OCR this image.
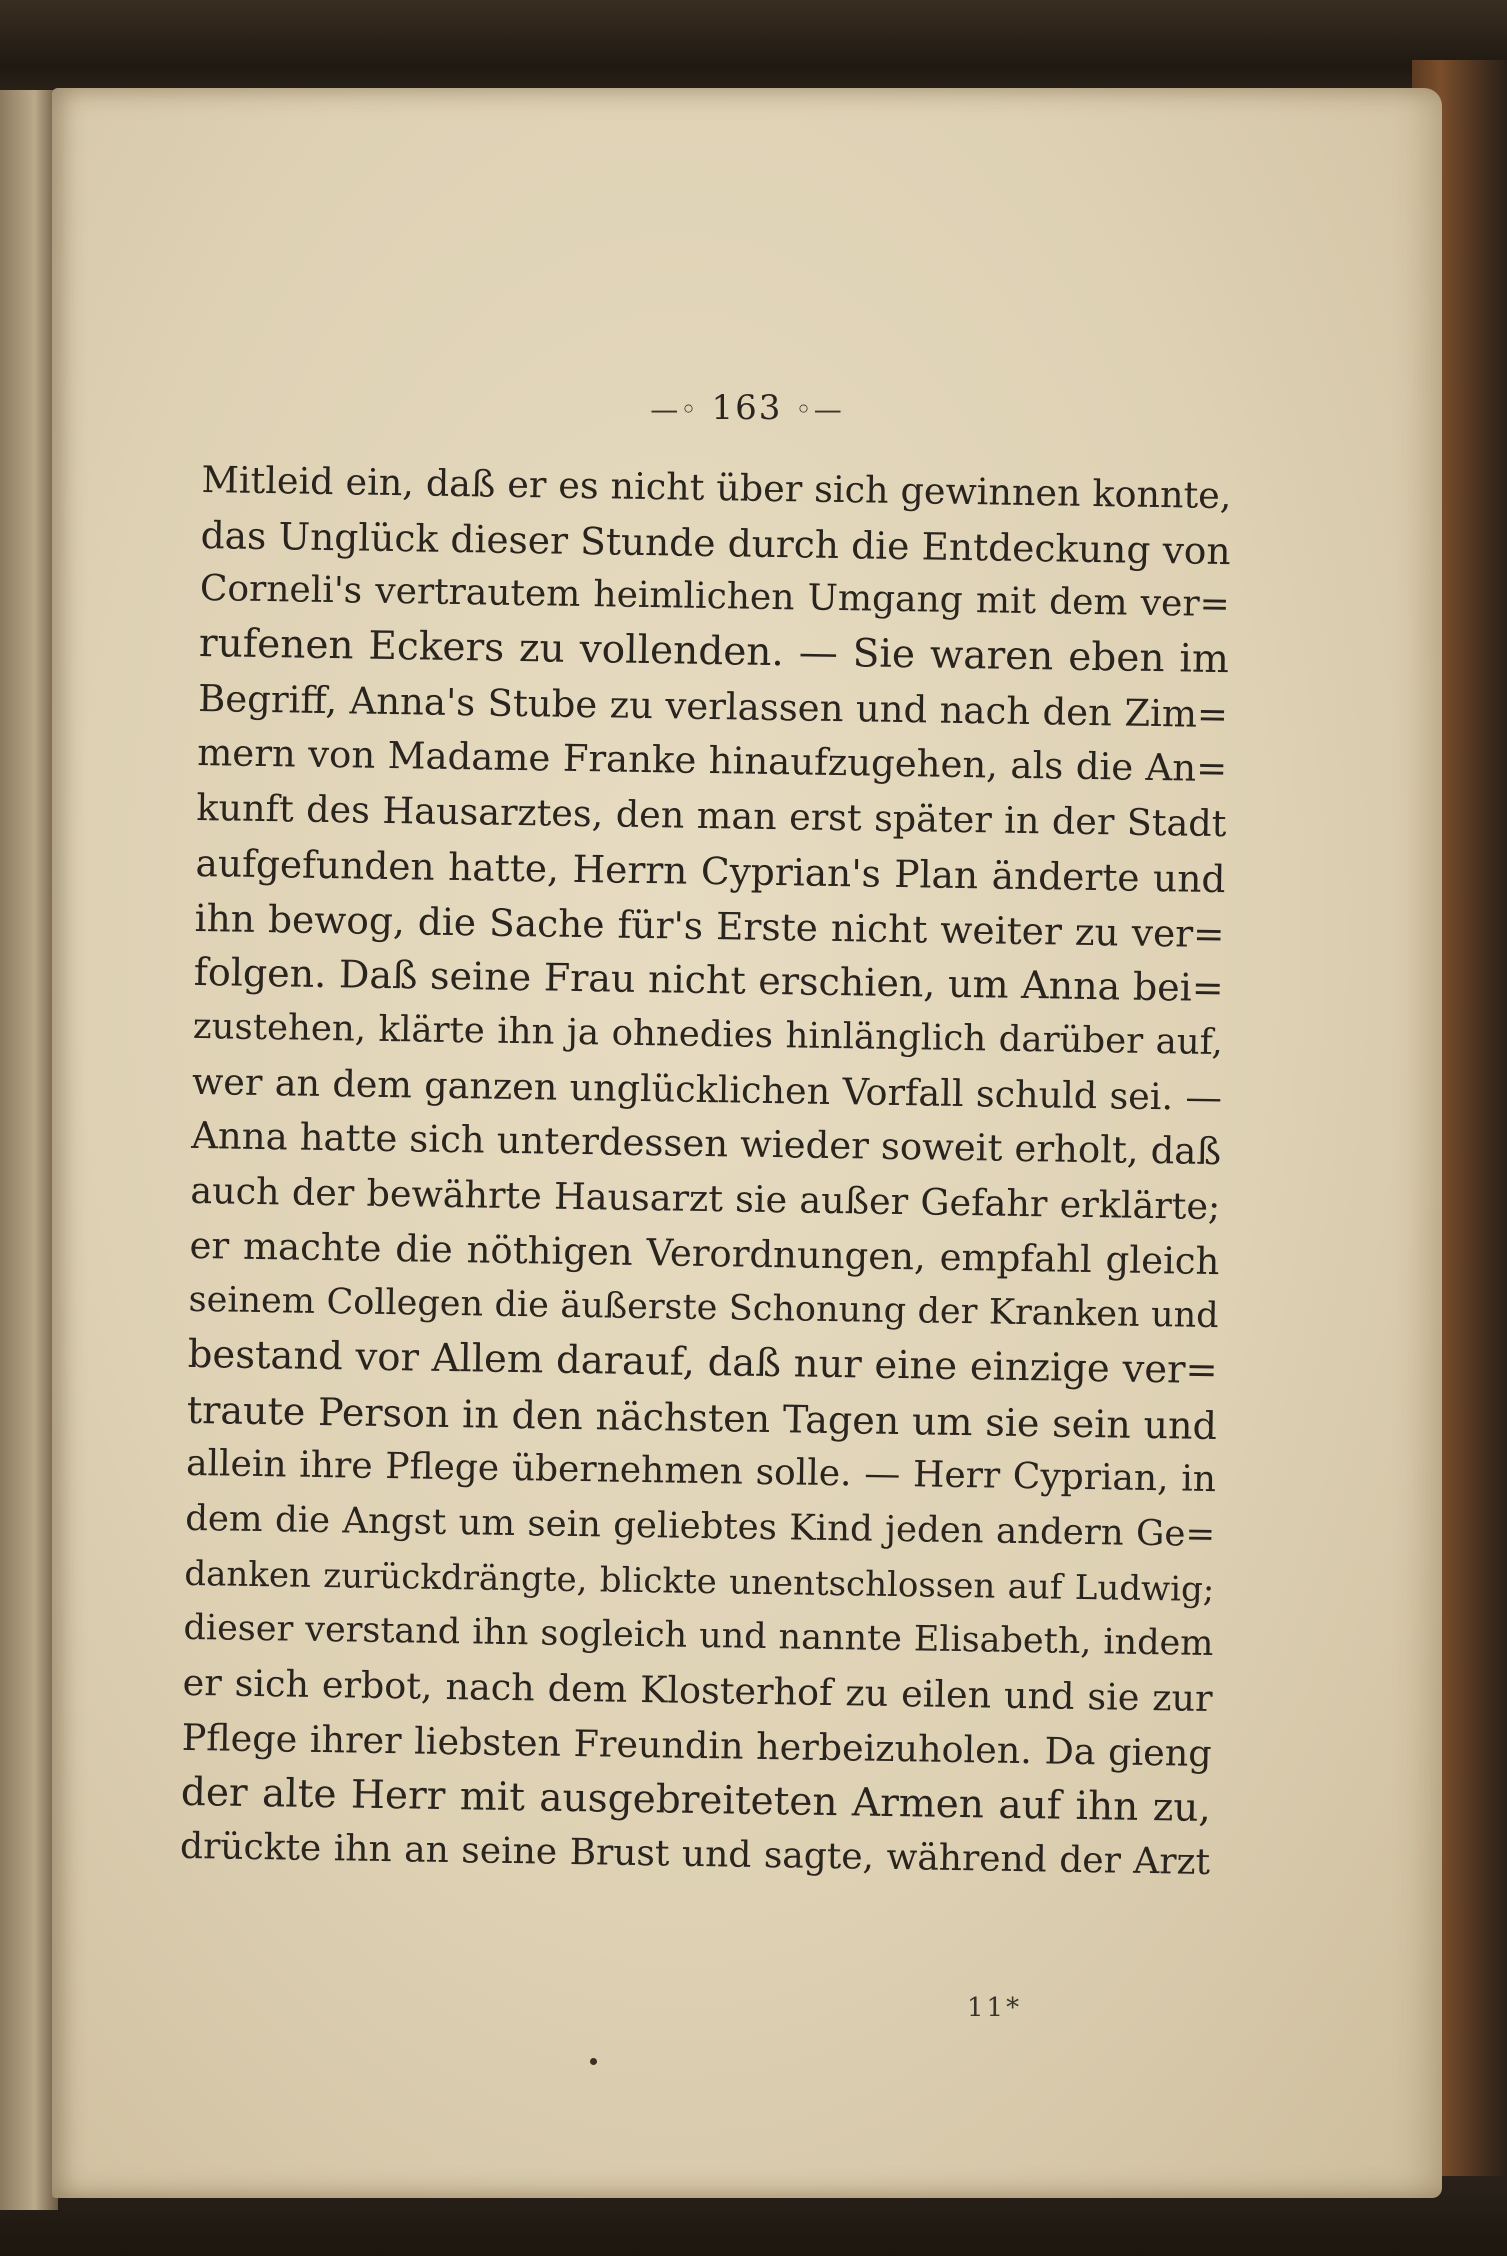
—◦ 163 ◦—
Mitleid ein, daß er es nicht über sich gewinnen konnte,
das Unglück dieser Stunde durch die Entdeckung von
Corneli's vertrautem heimlichen Umgang mit dem ver=
rufenen Eckers zu vollenden. — Sie waren eben im
Begriff, Anna's Stube zu verlassen und nach den Zim=
mern von Madame Franke hinaufzugehen, als die An=
kunft des Hausarztes, den man erst später in der Stadt
aufgefunden hatte, Herrn Cyprian's Plan änderte und
ihn bewog, die Sache für's Erste nicht weiter zu ver=
folgen. Daß seine Frau nicht erschien, um Anna bei=
zustehen, klärte ihn ja ohnedies hinlänglich darüber auf,
wer an dem ganzen unglücklichen Vorfall schuld sei. —
Anna hatte sich unterdessen wieder soweit erholt, daß
auch der bewährte Hausarzt sie außer Gefahr erklärte;
er machte die nöthigen Verordnungen, empfahl gleich
seinem Collegen die äußerste Schonung der Kranken und
bestand vor Allem darauf, daß nur eine einzige ver=
traute Person in den nächsten Tagen um sie sein und
allein ihre Pflege übernehmen solle. — Herr Cyprian, in
dem die Angst um sein geliebtes Kind jeden andern Ge=
danken zurückdrängte, blickte unentschlossen auf Ludwig;
dieser verstand ihn sogleich und nannte Elisabeth, indem
er sich erbot, nach dem Klosterhof zu eilen und sie zur
Pflege ihrer liebsten Freundin herbeizuholen. Da gieng
der alte Herr mit ausgebreiteten Armen auf ihn zu,
drückte ihn an seine Brust und sagte, während der Arzt
11*
